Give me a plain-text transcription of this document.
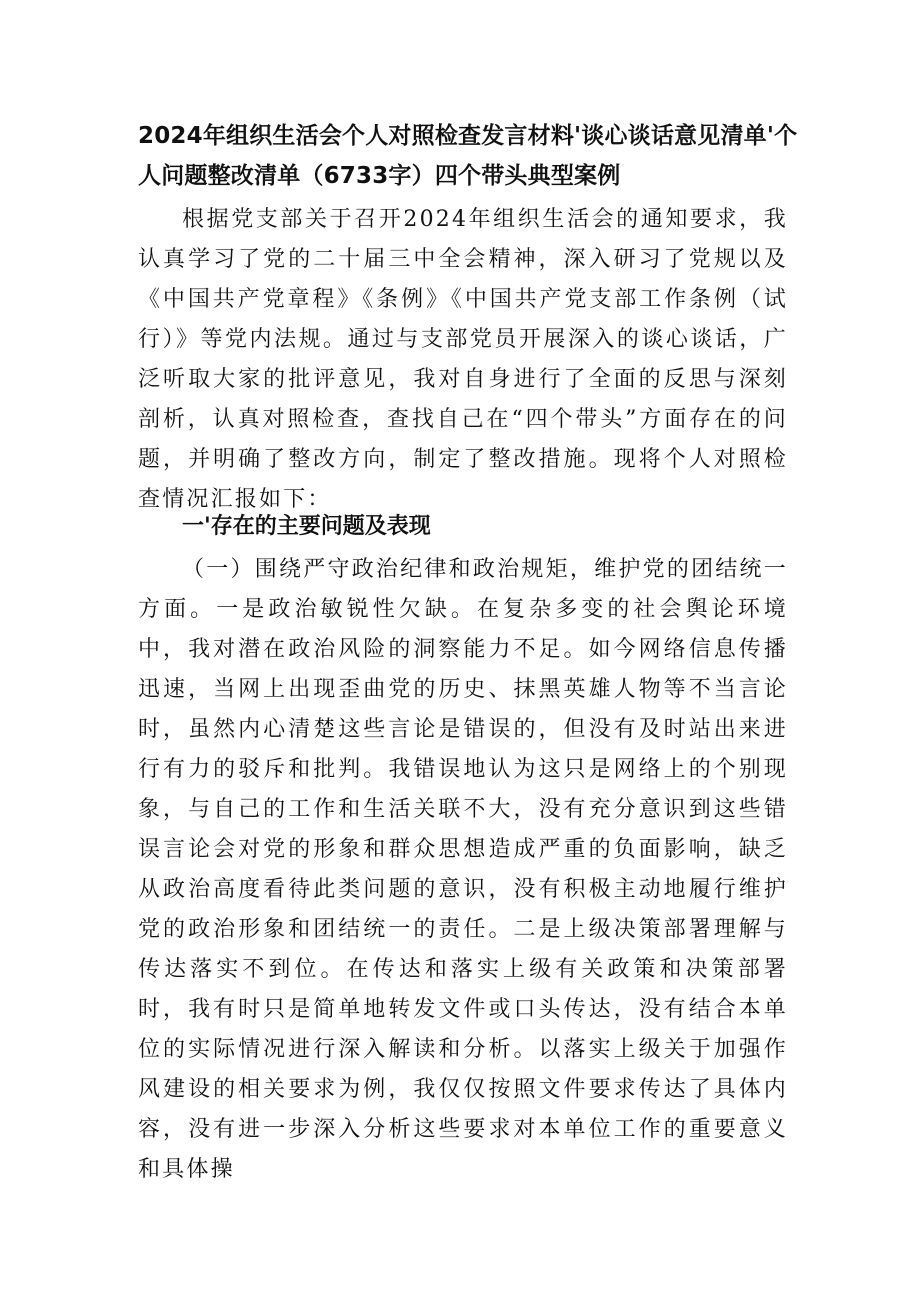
2024年组织生活会个人对照检查发言材料'谈心谈话意见清单'个人问题整改清单（6733字）四个带头典型案例

根据党支部关于召开2024年组织生活会的通知要求，我认真学习了党的二十届三中全会精神，深入研习了党规以及《中国共产党章程》《条例》《中国共产党支部工作条例（试行）》等党内法规。通过与支部党员开展深入的谈心谈话，广泛听取大家的批评意见，我对自身进行了全面的反思与深刻剖析，认真对照检查，查找自己在“四个带头”方面存在的问题，并明确了整改方向，制定了整改措施。现将个人对照检查情况汇报如下：

一'存在的主要问题及表现

（一）围绕严守政治纪律和政治规矩，维护党的团结统一方面。一是政治敏锐性欠缺。在复杂多变的社会舆论环境中，我对潜在政治风险的洞察能力不足。如今网络信息传播迅速，当网上出现歪曲党的历史、抹黑英雄人物等不当言论时，虽然内心清楚这些言论是错误的，但没有及时站出来进行有力的驳斥和批判。我错误地认为这只是网络上的个别现象，与自己的工作和生活关联不大，没有充分意识到这些错误言论会对党的形象和群众思想造成严重的负面影响，缺乏从政治高度看待此类问题的意识，没有积极主动地履行维护党的政治形象和团结统一的责任。二是上级决策部署理解与传达落实不到位。在传达和落实上级有关政策和决策部署时，我有时只是简单地转发文件或口头传达，没有结合本单位的实际情况进行深入解读和分析。以落实上级关于加强作风建设的相关要求为例，我仅仅按照文件要求传达了具体内容，没有进一步深入分析这些要求对本单位工作的重要意义和具体操
